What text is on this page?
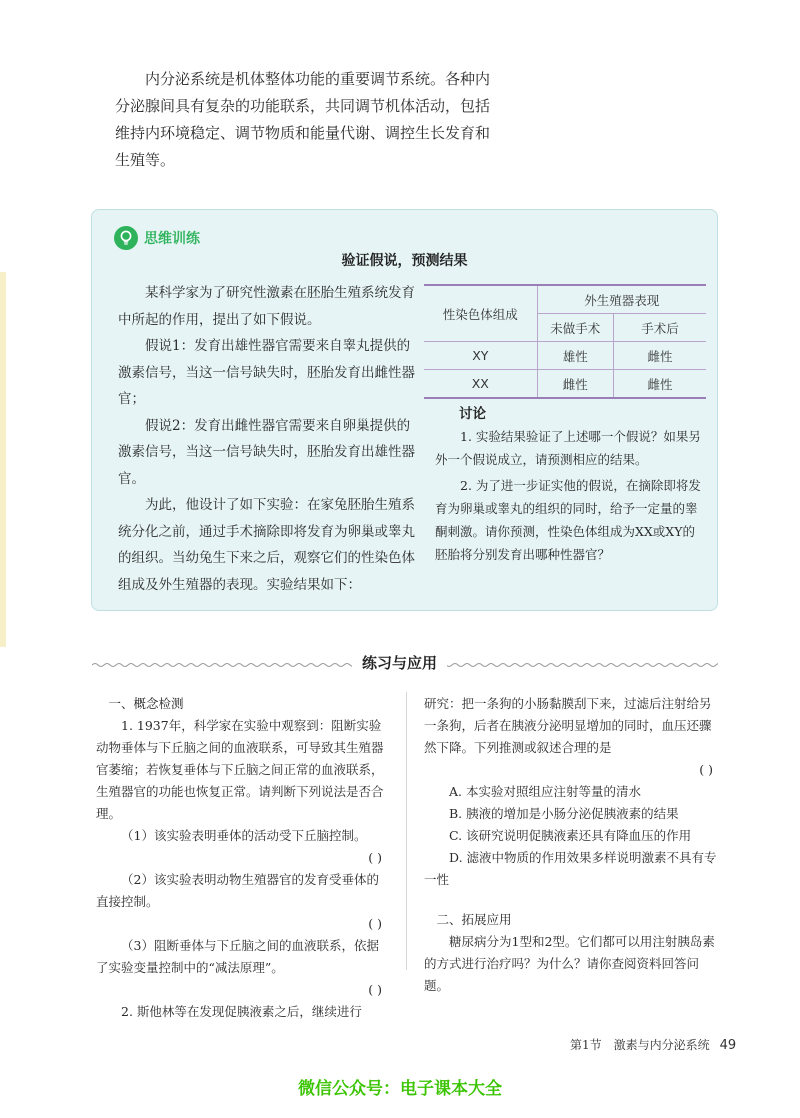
内分泌系统是机体整体功能的重要调节系统。各种内分泌腺间具有复杂的功能联系，共同调节机体活动，包括维持内环境稳定、调节物质和能量代谢、调控生长发育和生殖等。

思维训练
验证假说，预测结果

某科学家为了研究性激素在胚胎生殖系统发育中所起的作用，提出了如下假说。

假说1：发育出雄性器官需要来自睾丸提供的激素信号，当这一信号缺失时，胚胎发育出雌性器官；

假说2：发育出雌性器官需要来自卵巢提供的激素信号，当这一信号缺失时，胚胎发育出雄性器官。

为此，他设计了如下实验：在家兔胚胎生殖系统分化之前，通过手术摘除即将发育为卵巢或睾丸的组织。当幼兔生下来之后，观察它们的性染色体组成及外生殖器的表现。实验结果如下：

性染色体组成	外生殖器表现	
	未做手术	手术后
XY	雄性	雌性
XX	雌性	雌性
讨论

1. 实验结果验证了上述哪一个假说？如果另外一个假说成立，请预测相应的结果。

2. 为了进一步证实他的假说，在摘除即将发育为卵巢或睾丸的组织的同时，给予一定量的睾酮刺激。请你预测，性染色体组成为XX或XY的胚胎将分别发育出哪种性器官？

练习与应用
一、概念检测

1. 1937年，科学家在实验中观察到：阻断实验动物垂体与下丘脑之间的血液联系，可导致其生殖器官萎缩；若恢复垂体与下丘脑之间正常的血液联系，生殖器官的功能也恢复正常。请判断下列说法是否合理。

（1）该实验表明垂体的活动受下丘脑控制。

( )

（2）该实验表明动物生殖器官的发育受垂体的直接控制。

( )

（3）阻断垂体与下丘脑之间的血液联系，依据了实验变量控制中的“减法原理”。

( )

2. 斯他林等在发现促胰液素之后，继续进行

研究：把一条狗的小肠黏膜刮下来，过滤后注射给另一条狗，后者在胰液分泌明显增加的同时，血压还骤然下降。下列推测或叙述合理的是

( )

A. 本实验对照组应注射等量的清水

B. 胰液的增加是小肠分泌促胰液素的结果

C. 该研究说明促胰液素还具有降血压的作用

D. 滤液中物质的作用效果多样说明激素不具有专一性

二、拓展应用

糖尿病分为1型和2型。它们都可以用注射胰岛素的方式进行治疗吗？为什么？请你查阅资料回答问题。

第1节　激素与内分泌系统 49
微信公众号：电子课本大全
